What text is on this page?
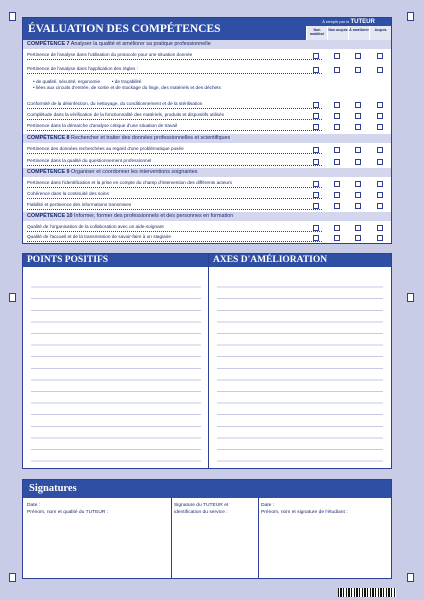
ÉVALUATION DES COMPÉTENCES
À remplir par le TUTEUR
Non mobilisé
Non acquis À améliorer	Acquis
COMPÉTENCE 7 Analyser la qualité et améliorer sa pratique professionnelle
Pertinence de l'analyse dans l'utilisation du protocole pour une situation donnée
Pertinence de l'analyse dans l'application des règles :
• de qualité, sécurité, ergonomie         • de traçabilité
• liées aux circuits d'entrée, de sortie et de stockage du linge, des matériels et des déchets
Conformité de la désinfection, du nettoyage, du conditionnement et de la stérilisation
Complétude dans la vérification de la fonctionnalité des matériels, produits et dispositifs utilisés
Pertinence dans la démarche d'analyse critique d'une situation de travail
COMPÉTENCE 8 Rechercher et traiter des données professionnelles et scientifiques
Pertinence des données recherchées au regard d'une problématique posée
Pertinence dans la qualité du questionnement professionnel
COMPÉTENCE 9 Organiser et coordonner les interventions soignantes
Pertinence dans l'identification et la prise en compte du champ d'intervention des différents acteurs
Cohérence dans la continuité des soins
Fiabilité et pertinence des informations transmises
COMPÉTENCE 10 Informer, former des professionnels et des personnes en formation
Qualité de l'organisation de la collaboration avec un aide-soignant
Qualité de l'accueil et de la transmission de savoir-faire à un stagiaire
POINTS POSITIFS	AXES D'AMÉLIORATION
Signatures
Date :
Prénom, nom et qualité du TUTEUR :
Signature du TUTEUR et
identification du service :
Date :
Prénom, nom et signature de l'étudiant :
